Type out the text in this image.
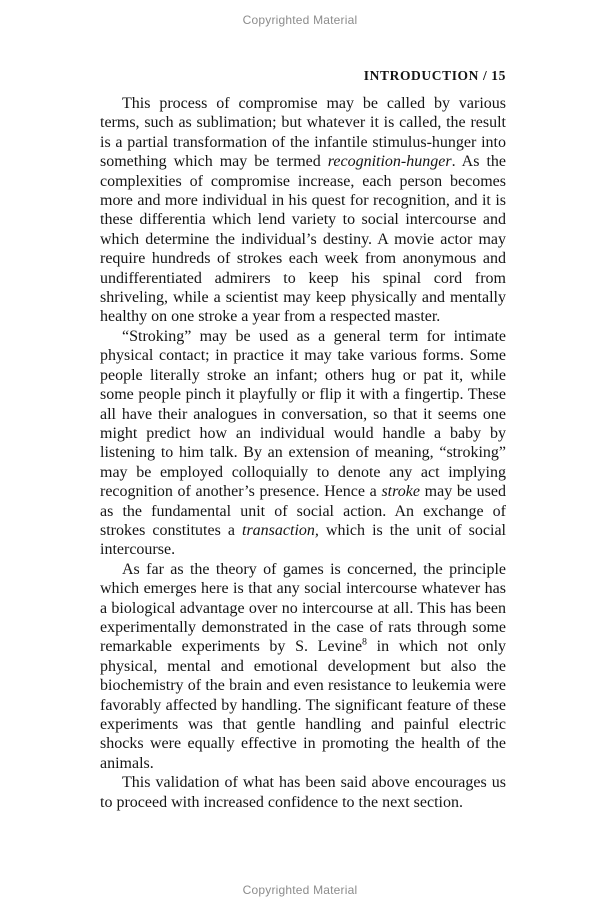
Copyrighted Material
INTRODUCTION / 15

This process of compromise may be called by various terms, such as sublimation; but whatever it is called, the result is a partial transformation of the infantile stimulus-hunger into something which may be termed recognition-hunger. As the complexities of compromise increase, each person becomes more and more individual in his quest for recognition, and it is these differentia which lend variety to social intercourse and which determine the individual’s destiny. A movie actor may require hundreds of strokes each week from anonymous and undifferentiated admirers to keep his spinal cord from shriveling, while a scientist may keep physically and mentally healthy on one stroke a year from a respected master.

“Stroking” may be used as a general term for intimate physical contact; in practice it may take various forms. Some people literally stroke an infant; others hug or pat it, while some people pinch it playfully or flip it with a fingertip. These all have their analogues in conversation, so that it seems one might predict how an individual would handle a baby by listening to him talk. By an extension of meaning, “stroking” may be employed colloquially to denote any act implying recognition of another’s presence. Hence a stroke may be used as the fundamental unit of social action. An exchange of strokes constitutes a transaction, which is the unit of social intercourse.

As far as the theory of games is concerned, the principle which emerges here is that any social intercourse whatever has a biological advantage over no intercourse at all. This has been experimentally demonstrated in the case of rats through some remarkable experiments by S. Levine$^8$ in which not only physical, mental and emotional development but also the biochemistry of the brain and even resistance to leukemia were favorably affected by handling. The significant feature of these experiments was that gentle handling and painful electric shocks were equally effective in promoting the health of the animals.

This validation of what has been said above encourages us to proceed with increased confidence to the next section.

Copyrighted Material
